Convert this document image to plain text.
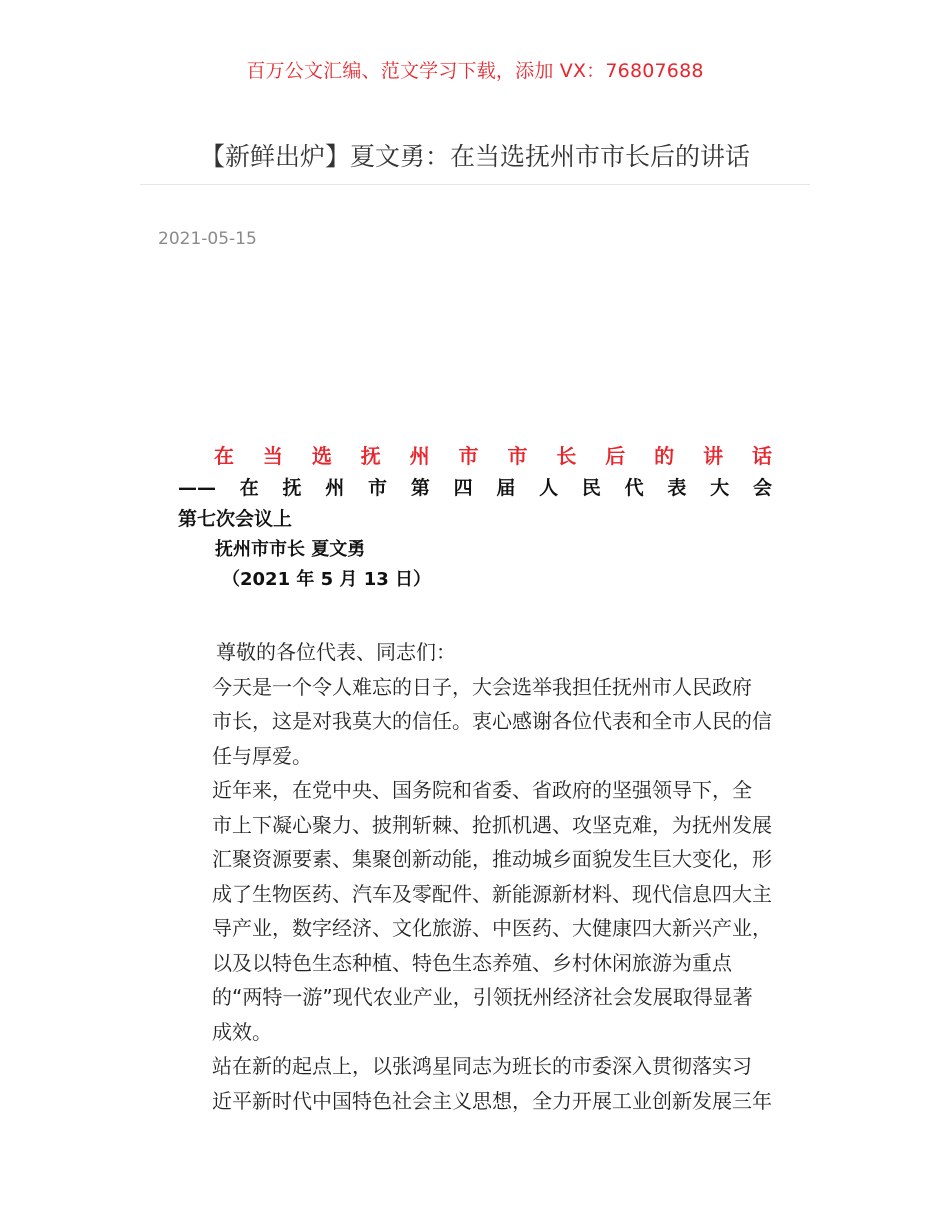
百万公文汇编、范文学习下载，添加 VX：76807688
【新鲜出炉】夏文勇：在当选抚州市市长后的讲话
2021-05-15
在 当 选 抚 州 市 市 长 后 的 讲 话
—— 在 抚 州 市 第 四 届 人 民 代 表 大 会
第七次会议上
抚州市市长 夏文勇
（2021 年 5 月 13 日）

尊敬的各位代表、同志们：

今天是一个令人难忘的日子，大会选举我担任抚州市人民政府
市长，这是对我莫大的信任。衷心感谢各位代表和全市人民的信
任与厚爱。

近年来，在党中央、国务院和省委、省政府的坚强领导下，全
市上下凝心聚力、披荆斩棘、抢抓机遇、攻坚克难，为抚州发展
汇聚资源要素、集聚创新动能，推动城乡面貌发生巨大变化，形
成了生物医药、汽车及零配件、新能源新材料、现代信息四大主
导产业，数字经济、文化旅游、中医药、大健康四大新兴产业，
以及以特色生态种植、特色生态养殖、乡村休闲旅游为重点
的“两特一游”现代农业产业，引领抚州经济社会发展取得显著
成效。

站在新的起点上，以张鸿星同志为班长的市委深入贯彻落实习
近平新时代中国特色社会主义思想，全力开展工业创新发展三年
